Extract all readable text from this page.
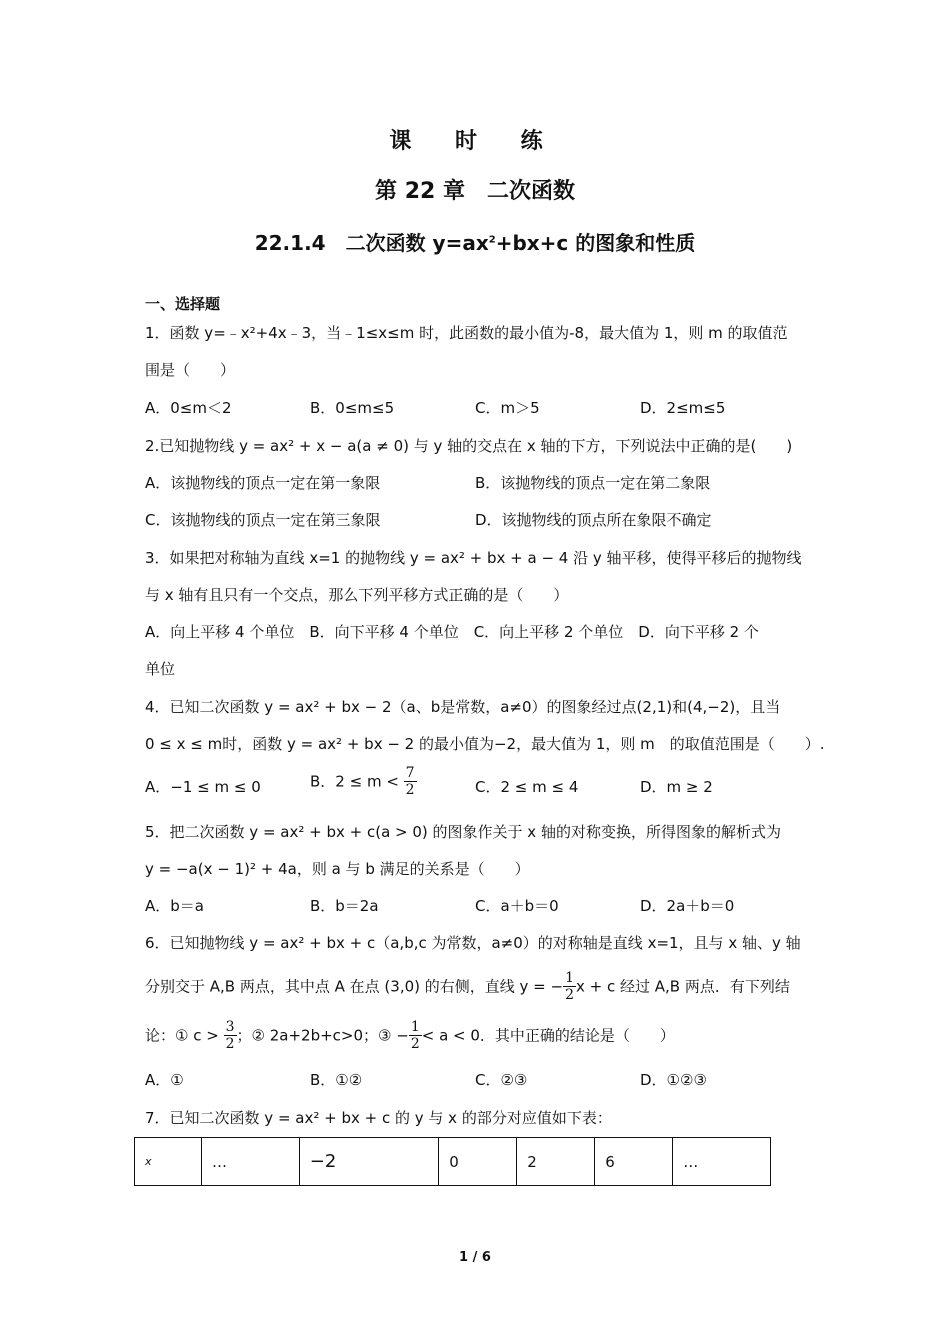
课 时 练
第 22 章　二次函数
22.1.4　二次函数 $y=ax^2+bx+c$ 的图象和性质
一、选择题
1．函数 y=﹣x²+4x﹣3，当﹣1≤x≤m 时，此函数的最小值为-8，最大值为 1，则 m 的取值范
围是（　　）
A．0≤m＜2	B．0≤m≤5	C．m＞5	D．2≤m≤5
2.已知抛物线 y = ax² + x − a(a ≠ 0) 与 y 轴的交点在 x 轴的下方，下列说法中正确的是(　　)
A．该抛物线的顶点一定在第一象限	B．该抛物线的顶点一定在第二象限
C．该抛物线的顶点一定在第三象限	D．该抛物线的顶点所在象限不确定
3．如果把对称轴为直线 x=1 的抛物线 y = ax² + bx + a − 4 沿 y 轴平移，使得平移后的抛物线
与 x 轴有且只有一个交点，那么下列平移方式正确的是（　　）
A．向上平移 4 个单位　B．向下平移 4 个单位　C．向上平移 2 个单位　D．向下平移 2 个
单位
4．已知二次函数 y = ax² + bx − 2（a、b是常数，a≠0）的图象经过点(2,1)和(4,−2)，且当
0 ≤ x ≤ m时，函数 y = ax² + bx − 2 的最小值为−2，最大值为 1，则 m　的取值范围是（　　）.
A．−1 ≤ m ≤ 0	B．$2 \le m < \frac{7}{2}$	C．2 ≤ m ≤ 4	D．m ≥ 2
5．把二次函数 y = ax² + bx + c(a > 0) 的图象作关于 x 轴的对称变换，所得图象的解析式为
y = −a(x − 1)² + 4a，则 a 与 b 满足的关系是（　　）
A．b＝a	B．b＝2a	C．a＋b＝0	D．2a＋b＝0
6．已知抛物线 y = ax² + bx + c（a,b,c 为常数，a≠0）的对称轴是直线 x=1，且与 x 轴、y 轴
分别交于 A,B 两点，其中点 A 在点 (3,0) 的右侧，直线 y = − $\frac{1}{2}$ x + c 经过 A,B 两点．有下列结
论：① $c > \frac{3}{2}$ ；② 2a+2b+c>0；③ − $\frac{1}{2} < a < 0$．其中正确的结论是（　　）
A．①	B．①②	C．②③	D．①②③
7．已知二次函数 y = ax² + bx + c 的 y 与 x 的部分对应值如下表：
x	…	−2	0	2	6	…
1 / 6
